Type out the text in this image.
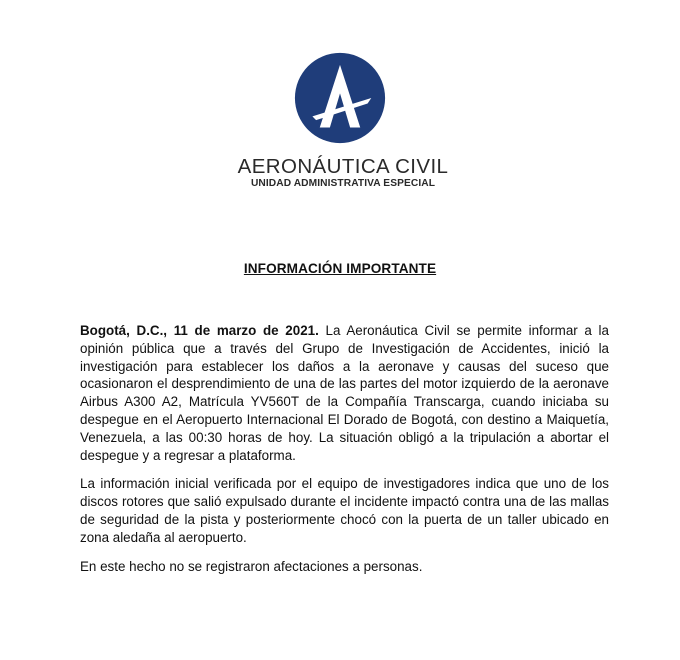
AERONÁUTICA CIVIL
UNIDAD ADMINISTRATIVA ESPECIAL
INFORMACIÓN IMPORTANTE

Bogotá, D.C., 11 de marzo de 2021. La Aeronáutica Civil se permite informar a la opinión pública que a través del Grupo de Investigación de Accidentes, inició la investigación para establecer los daños a la aeronave y causas del suceso que ocasionaron el desprendimiento de una de las partes del motor izquierdo de la aeronave Airbus A300 A2, Matrícula YV560T de la Compañía Transcarga, cuando iniciaba su despegue en el Aeropuerto Internacional El Dorado de Bogotá, con destino a Maiquetía, Venezuela, a las 00:30 horas de hoy. La situación obligó a la tripulación a abortar el despegue y a regresar a plataforma.

La información inicial verificada por el equipo de investigadores indica que uno de los discos rotores que salió expulsado durante el incidente impactó contra una de las mallas de seguridad de la pista y posteriormente chocó con la puerta de un taller ubicado en zona aledaña al aeropuerto.

En este hecho no se registraron afectaciones a personas.
